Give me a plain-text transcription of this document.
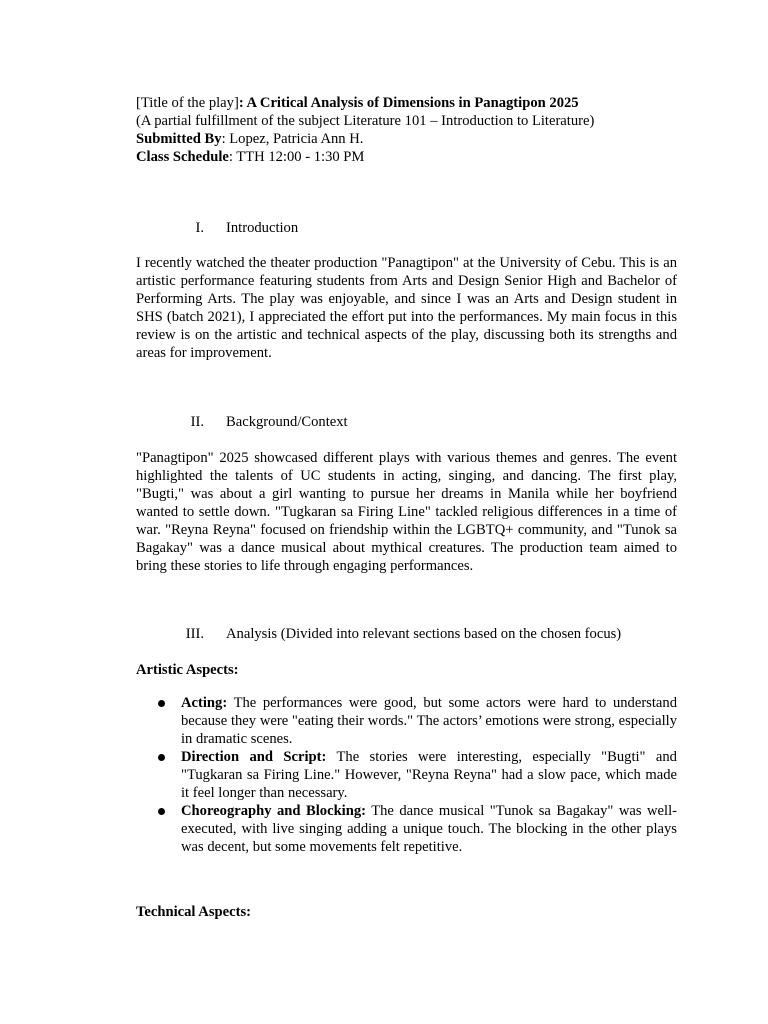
[Title of the play]: A Critical Analysis of Dimensions in Panagtipon 2025
(A partial fulfillment of the subject Literature 101 – Introduction to Literature)
Submitted By: Lopez, Patricia Ann H.
Class Schedule: TTH 12:00 - 1:30 PM
I. Introduction
I recently watched the theater production "Panagtipon" at the University of Cebu. This is an artistic performance featuring students from Arts and Design Senior High and Bachelor of Performing Arts. The play was enjoyable, and since I was an Arts and Design student in SHS (batch 2021), I appreciated the effort put into the performances. My main focus in this review is on the artistic and technical aspects of the play, discussing both its strengths and areas for improvement.
II. Background/Context
"Panagtipon" 2025 showcased different plays with various themes and genres. The event highlighted the talents of UC students in acting, singing, and dancing. The first play, "Bugti," was about a girl wanting to pursue her dreams in Manila while her boyfriend wanted to settle down. "Tugkaran sa Firing Line" tackled religious differences in a time of war. "Reyna Reyna" focused on friendship within the LGBTQ+ community, and "Tunok sa Bagakay" was a dance musical about mythical creatures. The production team aimed to bring these stories to life through engaging performances.
III. Analysis (Divided into relevant sections based on the chosen focus)
Artistic Aspects:
Acting: The performances were good, but some actors were hard to understand because they were "eating their words." The actors’ emotions were strong, especially in dramatic scenes.
Direction and Script: The stories were interesting, especially "Bugti" and "Tugkaran sa Firing Line." However, "Reyna Reyna" had a slow pace, which made it feel longer than necessary.
Choreography and Blocking: The dance musical "Tunok sa Bagakay" was well-executed, with live singing adding a unique touch. The blocking in the other plays was decent, but some movements felt repetitive.
Technical Aspects:
